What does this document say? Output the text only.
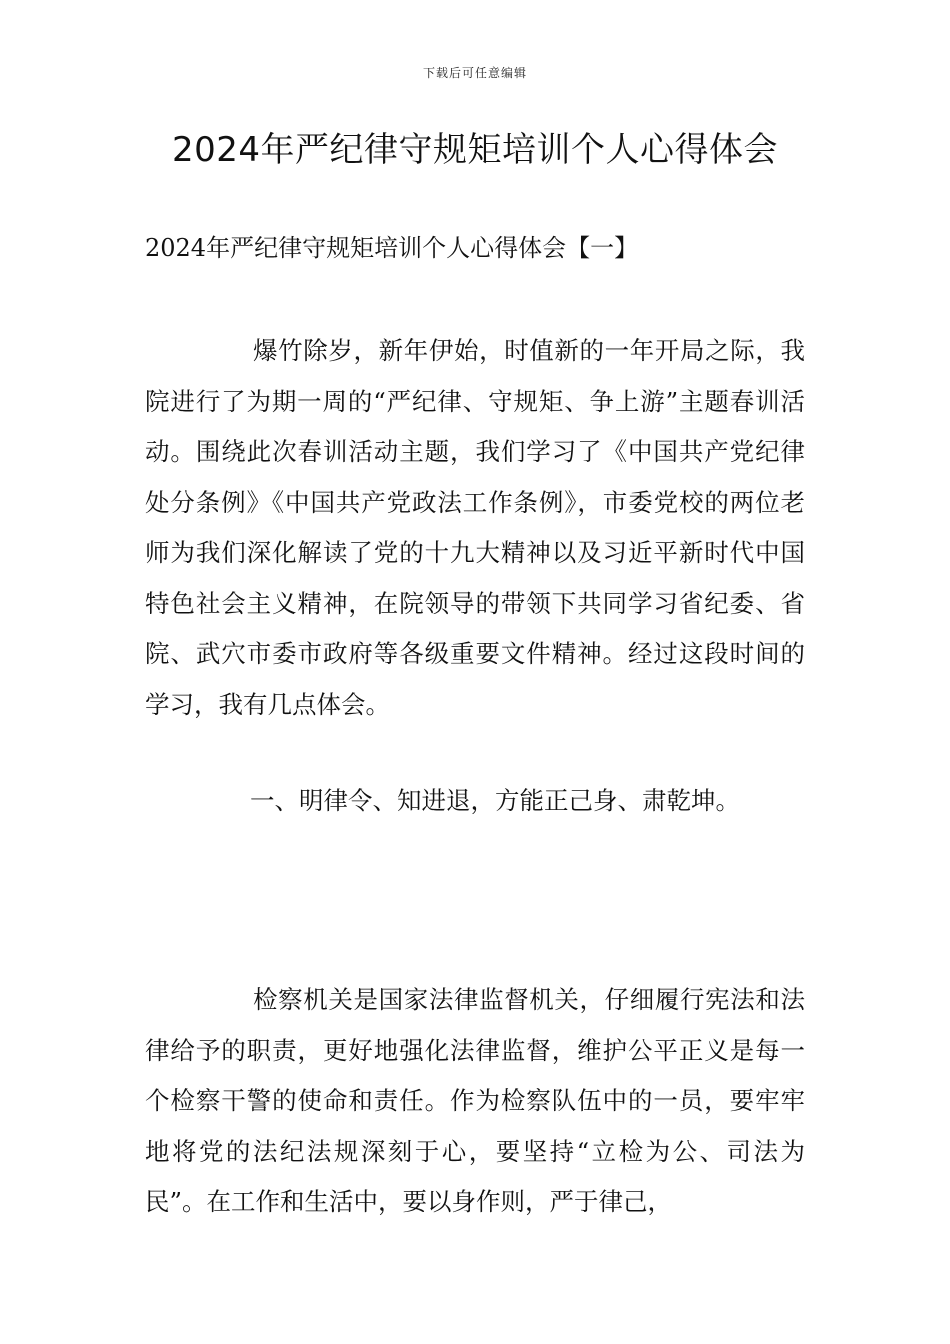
下载后可任意编辑
2024年严纪律守规矩培训个人心得体会
2024年严纪律守规矩培训个人心得体会【一】

爆竹除岁，新年伊始，时值新的一年开局之际，我院进行了为期一周的“严纪律、守规矩、争上游”主题春训活动。围绕此次春训活动主题，我们学习了《中国共产党纪律处分条例》《中国共产党政法工作条例》，市委党校的两位老师为我们深化解读了党的十九大精神以及习近平新时代中国特色社会主义精神，在院领导的带领下共同学习省纪委、省院、武穴市委市政府等各级重要文件精神。经过这段时间的学习，我有几点体会。

一、明律令、知进退，方能正己身、肃乾坤。

检察机关是国家法律监督机关，仔细履行宪法和法律给予的职责，更好地强化法律监督，维护公平正义是每一个检察干警的使命和责任。作为检察队伍中的一员，要牢牢地将党的法纪法规深刻于心，要坚持“立检为公、司法为民”。在工作和生活中，要以身作则，严于律己，
